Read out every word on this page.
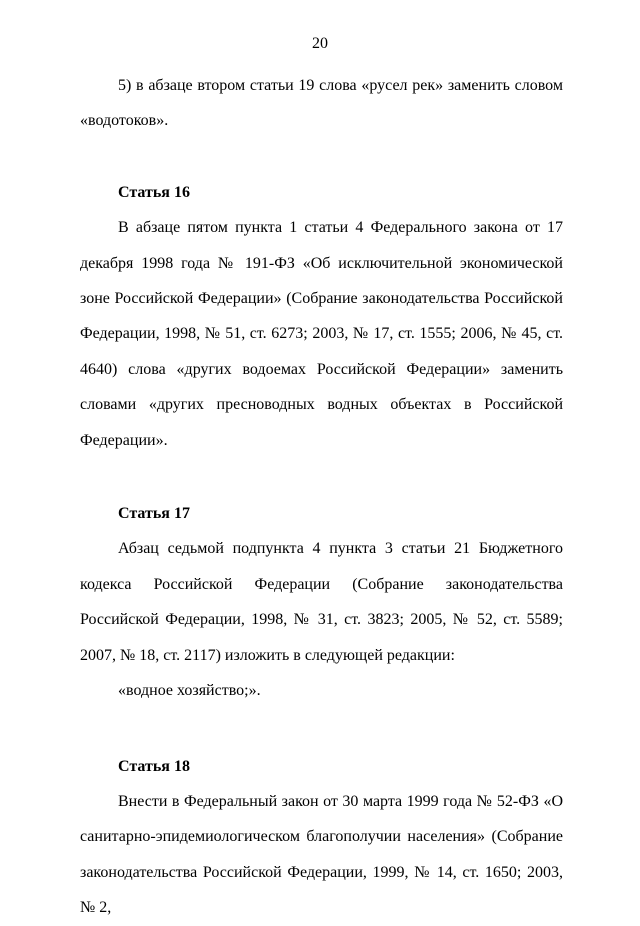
20

5) в абзаце втором статьи 19 слова «русел рек» заменить словом «водотоков».

Статья 16

В абзаце пятом пункта 1 статьи 4 Федерального закона от 17 декабря 1998 года № 191-ФЗ «Об исключительной экономической зоне Российской Федерации» (Собрание законодательства Российской Федерации, 1998, № 51, ст. 6273; 2003, № 17, ст. 1555; 2006, № 45, ст. 4640) слова «других водоемах Российской Федерации» заменить словами «других пресноводных водных объектах в Российской Федерации».

Статья 17

Абзац седьмой подпункта 4 пункта 3 статьи 21 Бюджетного кодекса Российской Федерации (Собрание законодательства Российской Федерации, 1998, № 31, ст. 3823; 2005, № 52, ст. 5589; 2007, № 18, ст. 2117) изложить в следующей редакции:

«водное хозяйство;».

Статья 18

Внести в Федеральный закон от 30 марта 1999 года № 52-ФЗ «О санитарно-эпидемиологическом благополучии населения» (Собрание законодательства Российской Федерации, 1999, № 14, ст. 1650; 2003, № 2,
